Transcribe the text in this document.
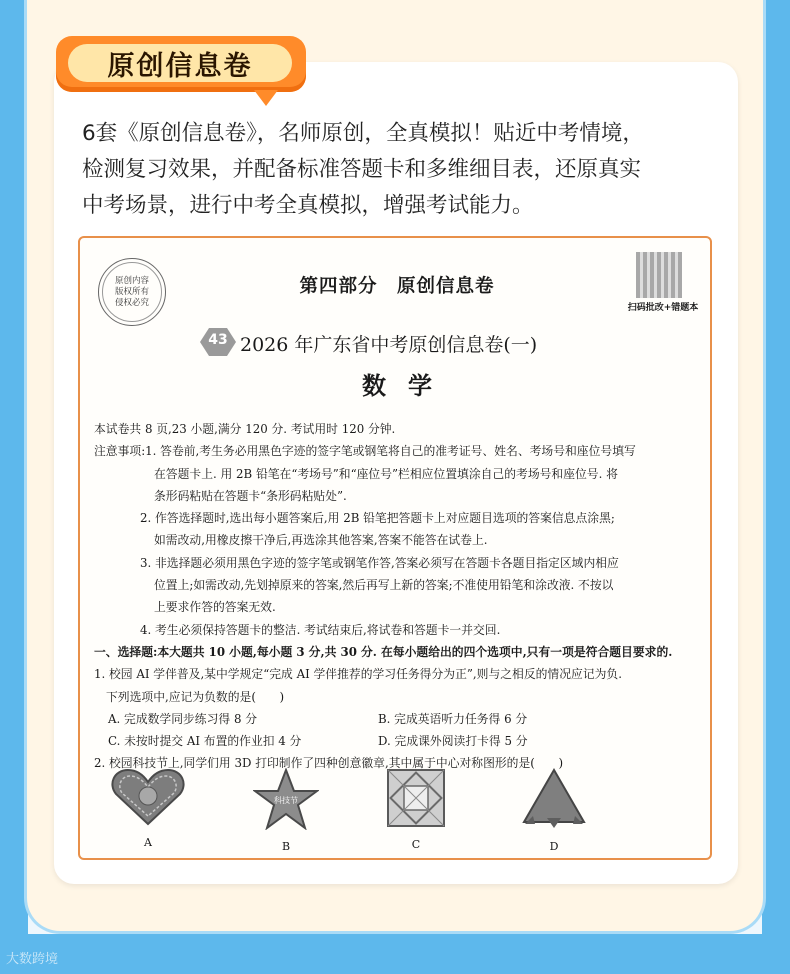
原创信息卷
6套《原创信息卷》，名师原创，全真模拟！贴近中考情境，
检测复习效果，并配备标准答题卡和多维细目表，还原真实
中考场景，进行中考全真模拟，增强考试能力。
原创内容
版权所有
侵权必究
第四部分　原创信息卷
扫码批改+错题本
43 2026 年广东省中考原创信息卷(一)
数学
本试卷共 8 页,23 小题,满分 120 分. 考试用时 120 分钟.
注意事项:1. 答卷前,考生务必用黑色字迹的签字笔或钢笔将自己的准考证号、姓名、考场号和座位号填写
在答题卡上. 用 2B 铅笔在“考场号”和“座位号”栏相应位置填涂自己的考场号和座位号. 将
条形码粘贴在答题卡“条形码粘贴处”.
2. 作答选择题时,选出每小题答案后,用 2B 铅笔把答题卡上对应题目选项的答案信息点涂黑;
如需改动,用橡皮擦干净后,再选涂其他答案,答案不能答在试卷上.
3. 非选择题必须用黑色字迹的签字笔或钢笔作答,答案必须写在答题卡各题目指定区域内相应
位置上;如需改动,先划掉原来的答案,然后再写上新的答案;不准使用铅笔和涂改液. 不按以
上要求作答的答案无效.
4. 考生必须保持答题卡的整洁. 考试结束后,将试卷和答题卡一并交回.
一、选择题:本大题共 10 小题,每小题 3 分,共 30 分. 在每小题给出的四个选项中,只有一项是符合题目要求的.
1. 校园 AI 学伴普及,某中学规定“完成 AI 学伴推荐的学习任务得分为正”,则与之相反的情况应记为负.
下列选项中,应记为负数的是(　　)
A. 完成数学同步练习得 8 分	B. 完成英语听力任务得 6 分
C. 未按时提交 AI 布置的作业扣 4 分	D. 完成课外阅读打卡得 5 分
2. 校园科技节上,同学们用 3D 打印制作了四种创意徽章,其中属于中心对称图形的是(　　)
A
科技节
B	C	D
大数跨境
